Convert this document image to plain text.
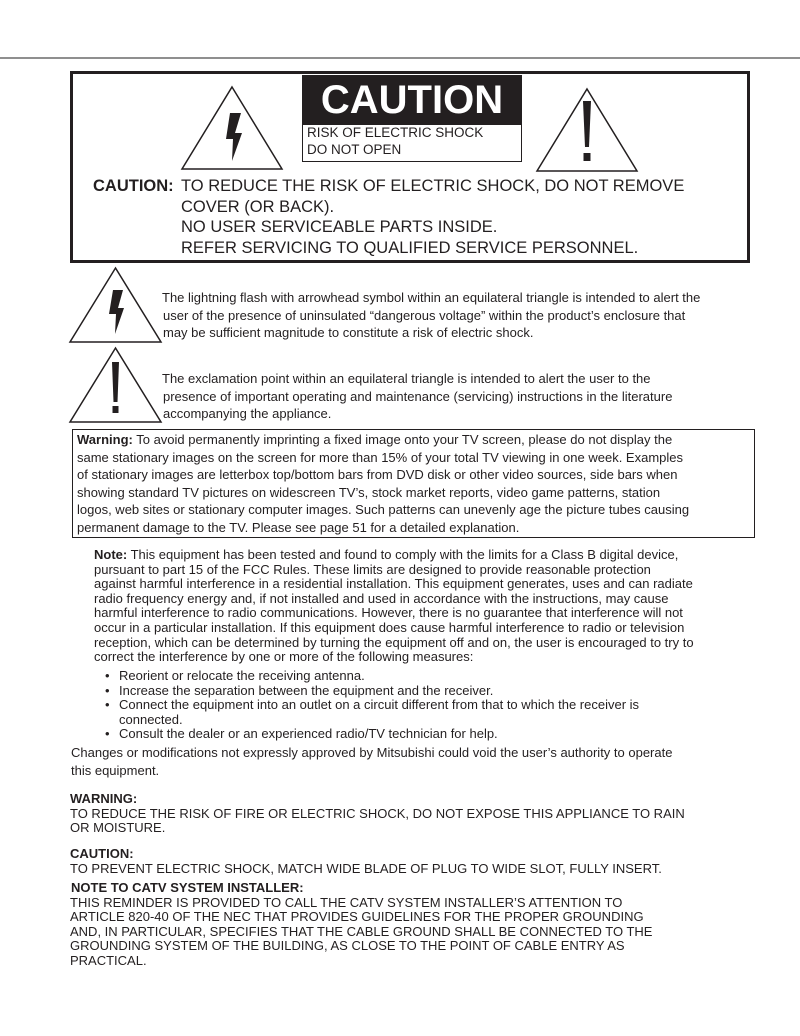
CAUTION
RISK OF ELECTRIC SHOCK
DO NOT OPEN
CAUTION: TO REDUCE THE RISK OF ELECTRIC SHOCK, DO NOT REMOVE
COVER (OR BACK).
NO USER SERVICEABLE PARTS INSIDE.
REFER SERVICING TO QUALIFIED SERVICE PERSONNEL.
The lightning flash with arrowhead symbol within an equilateral triangle is intended to alert the
user of the presence of uninsulated “dangerous voltage” within the product’s enclosure that
may be sufficient magnitude to constitute a risk of electric shock.
The exclamation point within an equilateral triangle is intended to alert the user to the
presence of important operating and maintenance (servicing) instructions in the literature
accompanying the appliance.
Warning: To avoid permanently imprinting a fixed image onto your TV screen, please do not display the
same stationary images on the screen for more than 15% of your total TV viewing in one week. Examples
of stationary images are letterbox top/bottom bars from DVD disk or other video sources, side bars when
showing standard TV pictures on widescreen TV’s, stock market reports, video game patterns, station
logos, web sites or stationary computer images. Such patterns can unevenly age the picture tubes causing
permanent damage to the TV. Please see page 51 for a detailed explanation.
Note: This equipment has been tested and found to comply with the limits for a Class B digital device,
pursuant to part 15 of the FCC Rules. These limits are designed to provide reasonable protection
against harmful interference in a residential installation. This equipment generates, uses and can radiate
radio frequency energy and, if not installed and used in accordance with the instructions, may cause
harmful interference to radio communications. However, there is no guarantee that interference will not
occur in a particular installation. If this equipment does cause harmful interference to radio or television
reception, which can be determined by turning the equipment off and on, the user is encouraged to try to
correct the interference by one or more of the following measures:
• Reorient or relocate the receiving antenna.
• Increase the separation between the equipment and the receiver.
• Connect the equipment into an outlet on a circuit different from that to which the receiver is
connected.
• Consult the dealer or an experienced radio/TV technician for help.
Changes or modifications not expressly approved by Mitsubishi could void the user’s authority to operate
this equipment.
WARNING:
TO REDUCE THE RISK OF FIRE OR ELECTRIC SHOCK, DO NOT EXPOSE THIS APPLIANCE TO RAIN
OR MOISTURE.
CAUTION:
TO PREVENT ELECTRIC SHOCK, MATCH WIDE BLADE OF PLUG TO WIDE SLOT, FULLY INSERT.
NOTE TO CATV SYSTEM INSTALLER:
THIS REMINDER IS PROVIDED TO CALL THE CATV SYSTEM INSTALLER’S ATTENTION TO
ARTICLE 820-40 OF THE NEC THAT PROVIDES GUIDELINES FOR THE PROPER GROUNDING
AND, IN PARTICULAR, SPECIFIES THAT THE CABLE GROUND SHALL BE CONNECTED TO THE
GROUNDING SYSTEM OF THE BUILDING, AS CLOSE TO THE POINT OF CABLE ENTRY AS
PRACTICAL.
